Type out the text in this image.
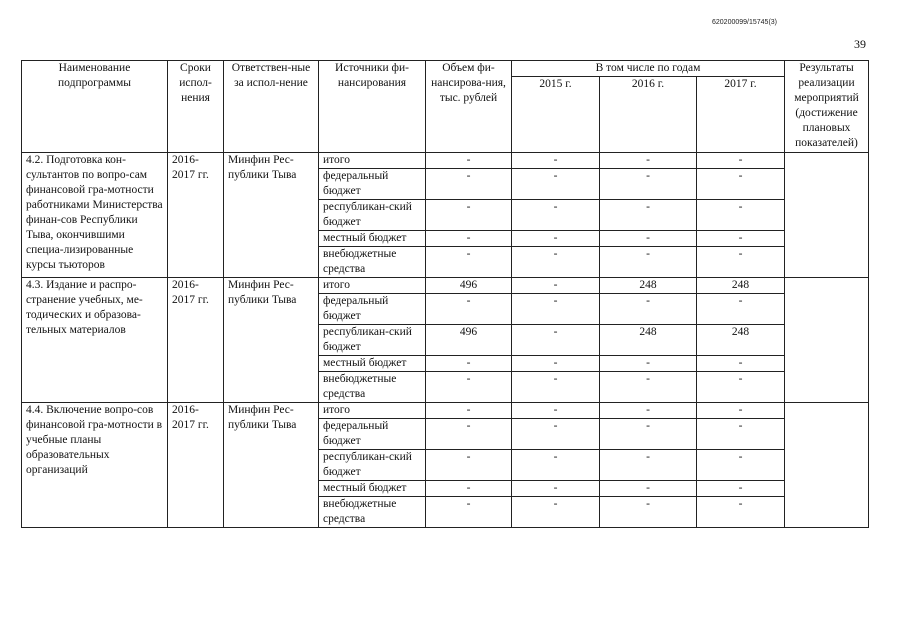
620200099/15745(3)
39
Наименование подпрограммы	Сроки испол-нения	Ответствен-ные за испол-нение	Источники фи-нансирования	Объем фи-нансирова-ния, тыс. рублей	В том числе по годам			Результаты реализации мероприятий (достижение плановых показателей)
					2015 г.	2016 г.	2017 г.	
4.2. Подготовка кон-сультантов по вопро-сам финансовой гра-мотности работниками Министерства финан-сов Республики Тыва, окончившими специа-лизированные курсы тьюторов	2016-2017 гг.	Минфин Рес-публики Тыва	итого	-	-	-	-	
			федеральный бюджет	-	-	-	-	
			республикан-ский бюджет	-	-	-	-	
			местный бюджет	-	-	-	-	
			внебюджетные средства	-	-	-	-	
4.3. Издание и распро-странение учебных, ме-тодических и образова-тельных материалов	2016-2017 гг.	Минфин Рес-публики Тыва	итого	496	-	248	248	
			федеральный бюджет	-	-	-	-	
			республикан-ский бюджет	496	-	248	248	
			местный бюджет	-	-	-	-	
			внебюджетные средства	-	-	-	-	
4.4. Включение вопро-сов финансовой гра-мотности в учебные планы образовательных организаций	2016-2017 гг.	Минфин Рес-публики Тыва	итого	-	-	-	-	
			федеральный бюджет	-	-	-	-	
			республикан-ский бюджет	-	-	-	-	
			местный бюджет	-	-	-	-	
			внебюджетные средства	-	-	-	-	
